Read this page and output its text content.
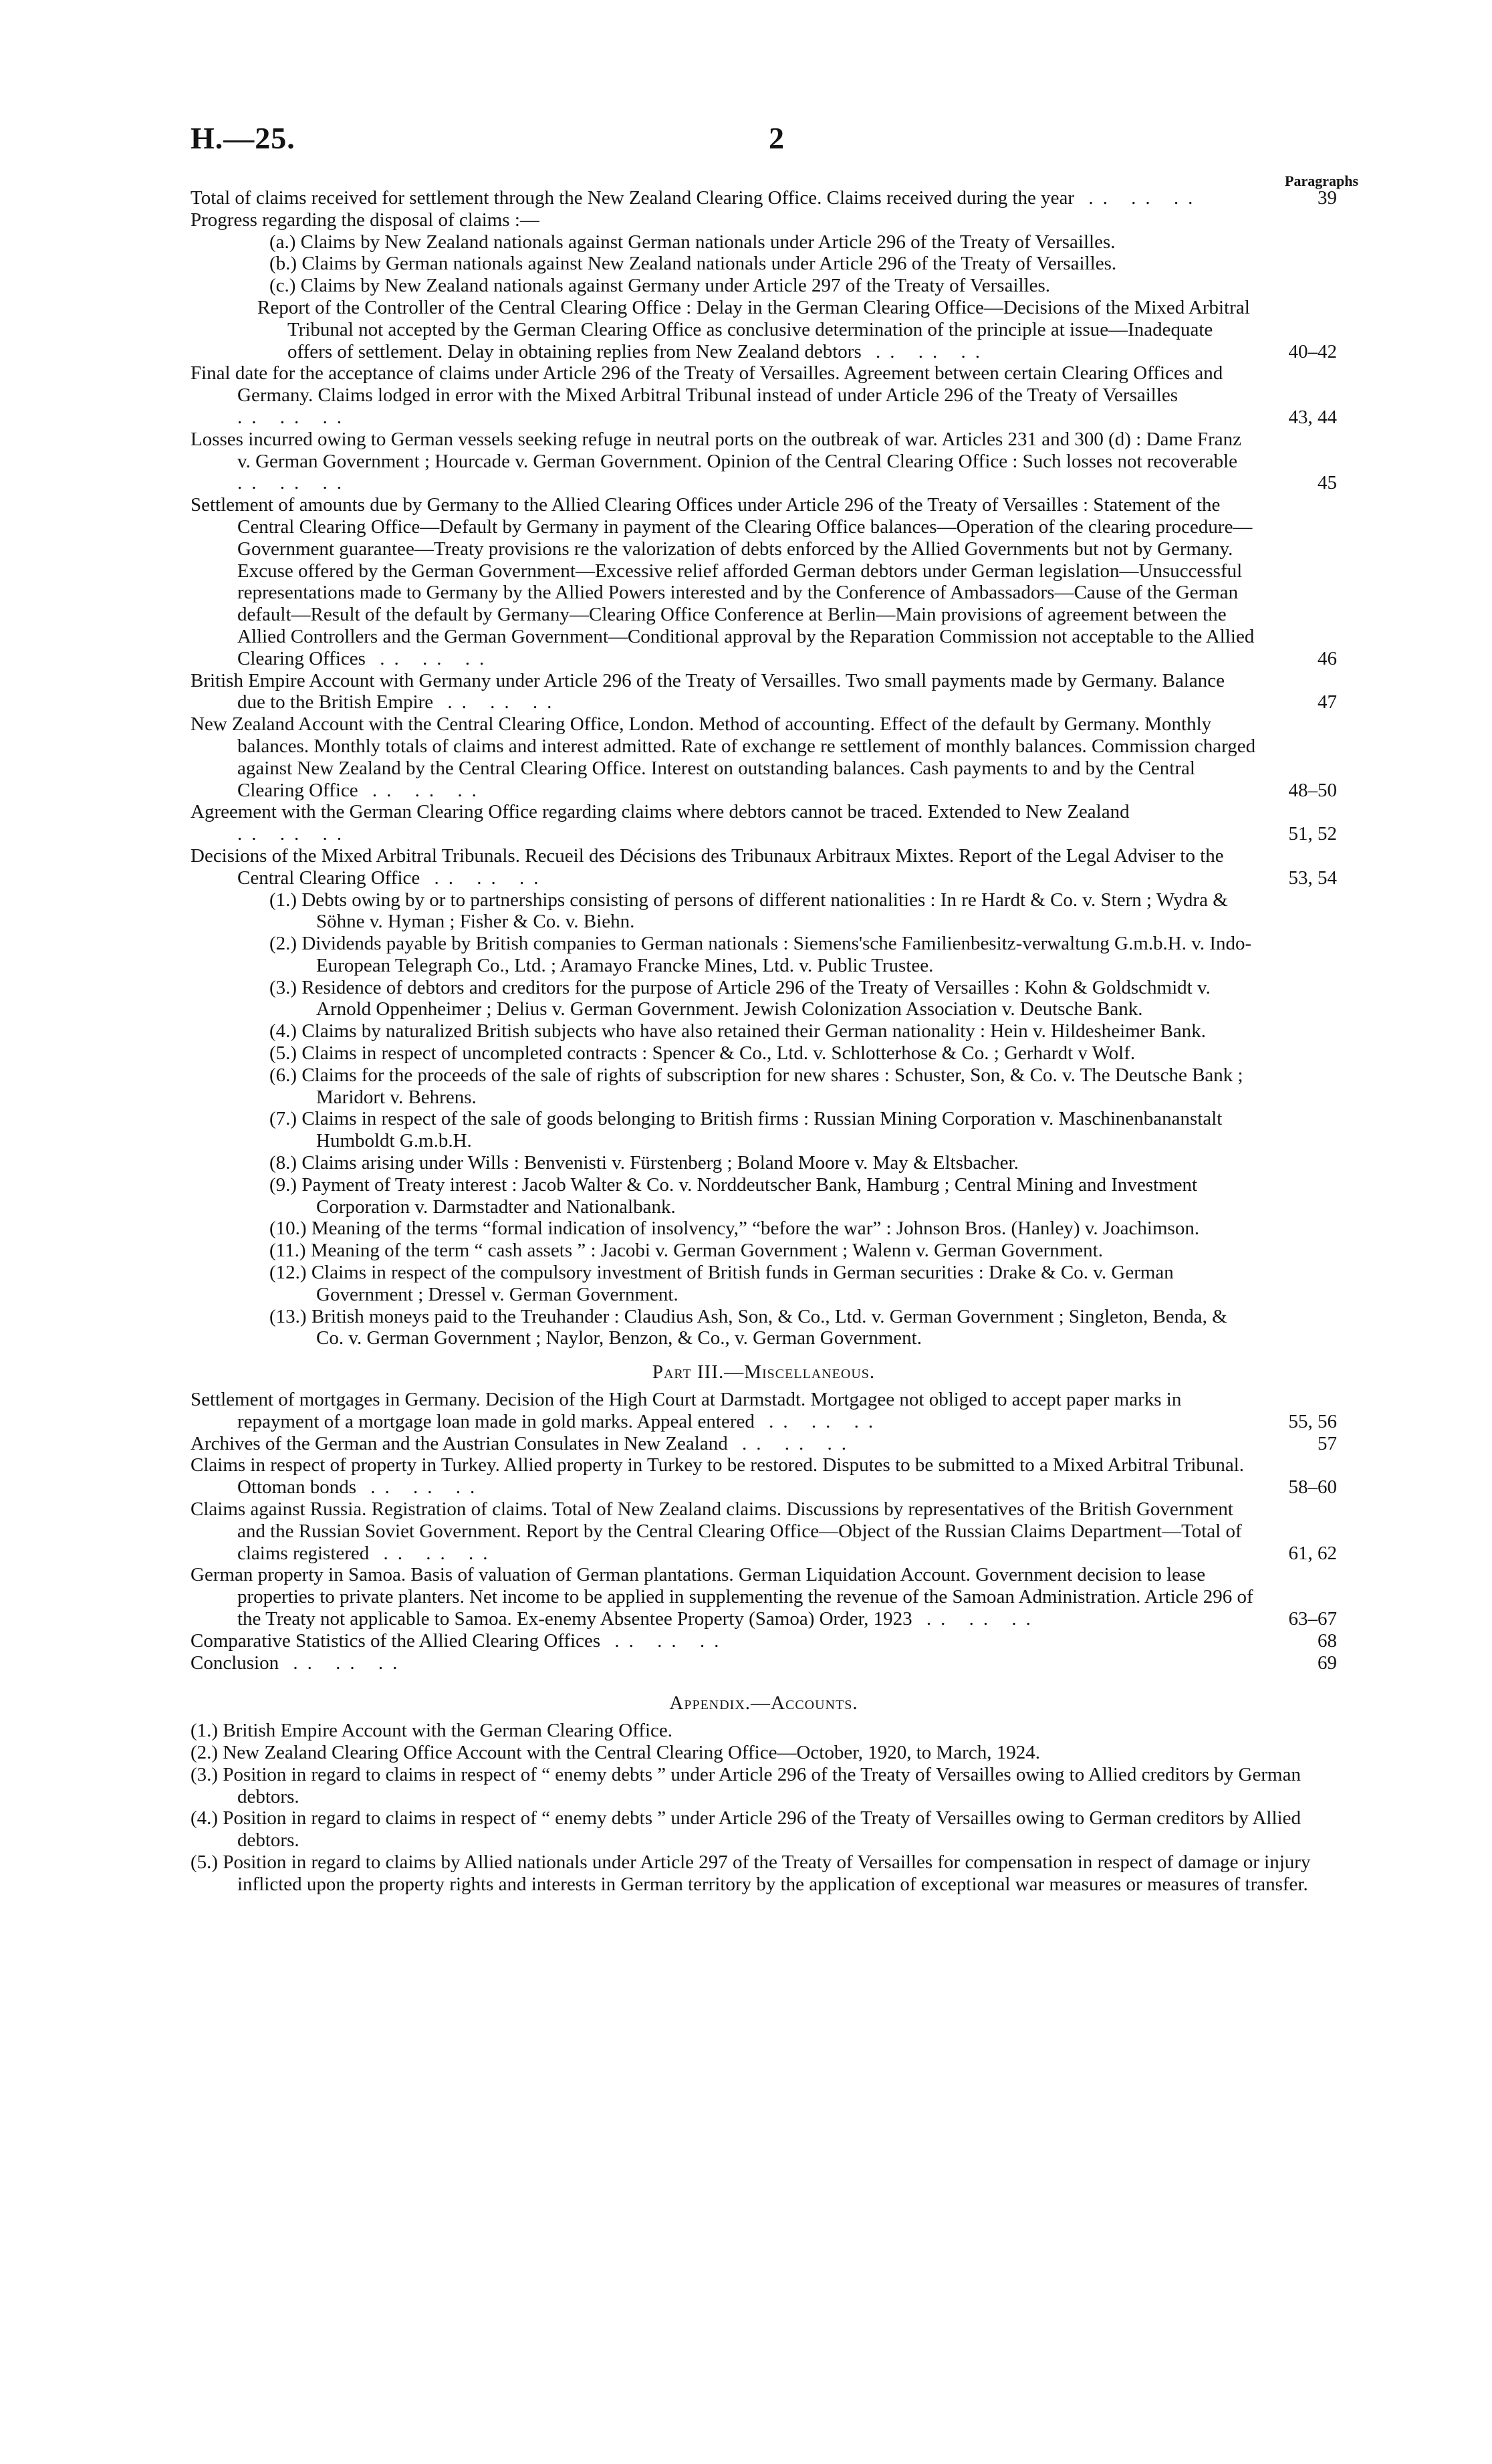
H.—25.	2
Paragraphs
Total of claims received for settlement through the New Zealand Clearing Office. Claims received during the year .. .. ..	39
Progress regarding the disposal of claims :—
(a.) Claims by New Zealand nationals against German nationals under Article 296 of the Treaty of Versailles.
(b.) Claims by German nationals against New Zealand nationals under Article 296 of the Treaty of Versailles.
(c.) Claims by New Zealand nationals against Germany under Article 297 of the Treaty of Versailles.
Report of the Controller of the Central Clearing Office : Delay in the German Clearing Office—Decisions of the Mixed Arbitral Tribunal not accepted by the German Clearing Office as conclusive determination of the principle at issue—Inadequate offers of settlement. Delay in obtaining replies from New Zealand debtors .. .. ..	40–42
Final date for the acceptance of claims under Article 296 of the Treaty of Versailles. Agreement between certain Clearing Offices and Germany. Claims lodged in error with the Mixed Arbitral Tribunal instead of under Article 296 of the Treaty of Versailles .. .. ..	43, 44
Losses incurred owing to German vessels seeking refuge in neutral ports on the outbreak of war. Articles 231 and 300 (d) : Dame Franz v. German Government ; Hourcade v. German Government. Opinion of the Central Clearing Office : Such losses not recoverable .. .. ..	45
Settlement of amounts due by Germany to the Allied Clearing Offices under Article 296 of the Treaty of Versailles : Statement of the Central Clearing Office—Default by Germany in payment of the Clearing Office balances—Operation of the clearing procedure—Government guarantee—Treaty provisions re the valorization of debts enforced by the Allied Governments but not by Germany. Excuse offered by the German Government—Excessive relief afforded German debtors under German legislation—Unsuccessful representations made to Germany by the Allied Powers interested and by the Conference of Ambassadors—Cause of the German default—Result of the default by Germany—Clearing Office Conference at Berlin—Main provisions of agreement between the Allied Controllers and the German Government—Conditional approval by the Reparation Commission not acceptable to the Allied Clearing Offices .. .. ..	46
British Empire Account with Germany under Article 296 of the Treaty of Versailles. Two small payments made by Germany. Balance due to the British Empire .. .. ..	47
New Zealand Account with the Central Clearing Office, London. Method of accounting. Effect of the default by Germany. Monthly balances. Monthly totals of claims and interest admitted. Rate of exchange re settlement of monthly balances. Commission charged against New Zealand by the Central Clearing Office. Interest on outstanding balances. Cash payments to and by the Central Clearing Office .. .. ..	48–50
Agreement with the German Clearing Office regarding claims where debtors cannot be traced. Extended to New Zealand .. .. ..	51, 52
Decisions of the Mixed Arbitral Tribunals. Recueil des Décisions des Tribunaux Arbitraux Mixtes. Report of the Legal Adviser to the Central Clearing Office .. .. ..	53, 54
(1.) Debts owing by or to partnerships consisting of persons of different nationalities : In re Hardt & Co. v. Stern ; Wydra & Söhne v. Hyman ; Fisher & Co. v. Biehn.
(2.) Dividends payable by British companies to German nationals : Siemens'sche Familienbesitz-verwaltung G.m.b.H. v. Indo-European Telegraph Co., Ltd. ; Aramayo Francke Mines, Ltd. v. Public Trustee.
(3.) Residence of debtors and creditors for the purpose of Article 296 of the Treaty of Versailles : Kohn & Goldschmidt v. Arnold Oppenheimer ; Delius v. German Government. Jewish Colonization Association v. Deutsche Bank.
(4.) Claims by naturalized British subjects who have also retained their German nationality : Hein v. Hildesheimer Bank.
(5.) Claims in respect of uncompleted contracts : Spencer & Co., Ltd. v. Schlotterhose & Co. ; Gerhardt v Wolf.
(6.) Claims for the proceeds of the sale of rights of subscription for new shares : Schuster, Son, & Co. v. The Deutsche Bank ; Maridort v. Behrens.
(7.) Claims in respect of the sale of goods belonging to British firms : Russian Mining Corporation v. Maschinenbananstalt Humboldt G.m.b.H.
(8.) Claims arising under Wills : Benvenisti v. Fürstenberg ; Boland Moore v. May & Eltsbacher.
(9.) Payment of Treaty interest : Jacob Walter & Co. v. Norddeutscher Bank, Hamburg ; Central Mining and Investment Corporation v. Darmstadter and Nationalbank.
(10.) Meaning of the terms “formal indication of insolvency,” “before the war” : Johnson Bros. (Hanley) v. Joachimson.
(11.) Meaning of the term “ cash assets ” : Jacobi v. German Government ; Walenn v. German Government.
(12.) Claims in respect of the compulsory investment of British funds in German securities : Drake & Co. v. German Government ; Dressel v. German Government.
(13.) British moneys paid to the Treuhander : Claudius Ash, Son, & Co., Ltd. v. German Government ; Singleton, Benda, & Co. v. German Government ; Naylor, Benzon, & Co., v. German Government.
Part III.—Miscellaneous.
Settlement of mortgages in Germany. Decision of the High Court at Darmstadt. Mortgagee not obliged to accept paper marks in repayment of a mortgage loan made in gold marks. Appeal entered .. .. ..	55, 56
Archives of the German and the Austrian Consulates in New Zealand .. .. ..	57
Claims in respect of property in Turkey. Allied property in Turkey to be restored. Disputes to be submitted to a Mixed Arbitral Tribunal. Ottoman bonds .. .. ..	58–60
Claims against Russia. Registration of claims. Total of New Zealand claims. Discussions by representatives of the British Government and the Russian Soviet Government. Report by the Central Clearing Office—Object of the Russian Claims Department—Total of claims registered .. .. ..	61, 62
German property in Samoa. Basis of valuation of German plantations. German Liquidation Account. Government decision to lease properties to private planters. Net income to be applied in supplementing the revenue of the Samoan Administration. Article 296 of the Treaty not applicable to Samoa. Ex-enemy Absentee Property (Samoa) Order, 1923 .. .. ..	63–67
Comparative Statistics of the Allied Clearing Offices .. .. ..	68
Conclusion .. .. ..	69
Appendix.—Accounts.
(1.) British Empire Account with the German Clearing Office.
(2.) New Zealand Clearing Office Account with the Central Clearing Office—October, 1920, to March, 1924.
(3.) Position in regard to claims in respect of “ enemy debts ” under Article 296 of the Treaty of Versailles owing to Allied creditors by German debtors.
(4.) Position in regard to claims in respect of “ enemy debts ” under Article 296 of the Treaty of Versailles owing to German creditors by Allied debtors.
(5.) Position in regard to claims by Allied nationals under Article 297 of the Treaty of Versailles for compensation in respect of damage or injury inflicted upon the property rights and interests in German territory by the application of exceptional war measures or measures of transfer.
